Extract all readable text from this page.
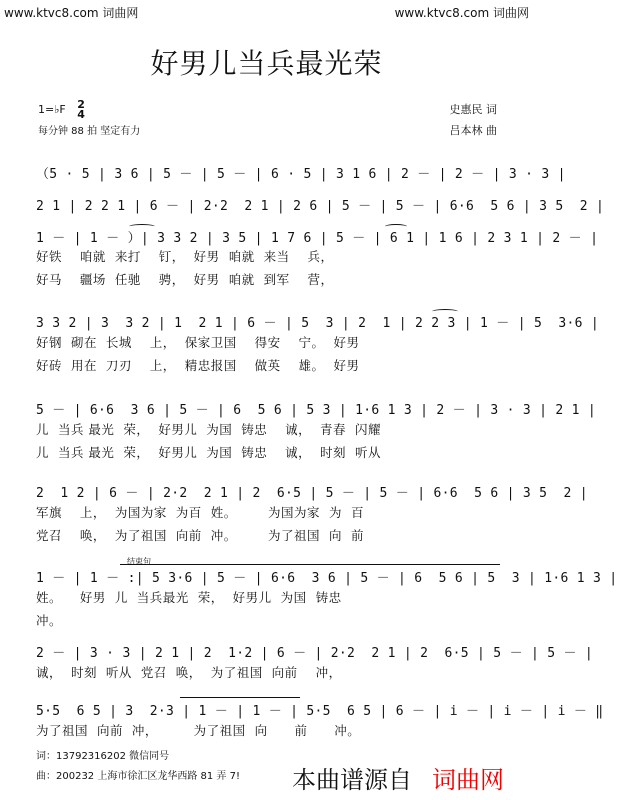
www.ktvc8.com 词曲网	www.ktvc8.com 词曲网
好男儿当兵最光荣
1=♭F 2
4
每分钟 88 拍 坚定有力
史惠民 词
吕本林 曲
（5 · 5 | 3 6 | 5 － | 5 － | 6 · 5 | 3 1 6 | 2 － | 2 － | 3 · 3 |
2 1 | 2 2 1 | 6 － | 2·2  2 1 | 2 6 | 5 － | 5 － | 6·6  5 6 | 3 5  2 |
1 － | 1 － ）| 3 3 2 | 3 5 | 1 7 6 | 5 － | 6 1 | 1 6 | 2 3 1 | 2 － |
好铁    咱就  来打    钉，  好男  咱就  来当    兵，
好马    疆场  任驰    骋，  好男  咱就  到军    营，
3 3 2 | 3  3 2 | 1  2 1 | 6 － | 5  3 | 2  1 | 2 2 3 | 1 － | 5  3·6 |
好钢  砌在  长城    上，  保家卫国    得安    宁。  好男
好砖  用在  刀刃    上，  精忠报国    做英    雄。  好男
5 － | 6·6  3 6 | 5 － | 6  5 6 | 5 3 | 1·6 1 3 | 2 － | 3 · 3 | 2 1 |
儿  当兵 最光  荣，  好男儿  为国  铸忠    诚，  青春  闪耀
儿  当兵 最光  荣，  好男儿  为国  铸忠    诚，  时刻  听从
2  1 2 | 6 － | 2·2  2 1 | 2  6·5 | 5 － | 5 － | 6·6  5 6 | 3 5  2 |
军旗    上，  为国为家  为百  姓。       为国为家  为  百
党召    唤，  为了祖国  向前  冲。       为了祖国  向  前
结束句
1 － | 1 － :| 5 3·6 | 5 － | 6·6  3 6 | 5 － | 6  5 6 | 5  3 | 1·6 1 3 |
姓。    好男  儿  当兵最光  荣，  好男儿  为国  铸忠
冲。
2 － | 3 · 3 | 2 1 | 2  1·2 | 6 － | 2·2  2 1 | 2  6·5 | 5 － | 5 － |
诚，  时刻  听从  党召  唤，  为了祖国  向前    冲，
5·5  6 5 | 3  2·3 | 1 － | 1 － | 5·5  6 5 | 6 － | i － | i － | i － ‖
为了祖国  向前  冲，        为了祖国  向      前      冲。
词：13792316202 微信同号
曲：200232 上海市徐汇区龙华西路 81 弄 7! 本曲谱源自 词曲网
